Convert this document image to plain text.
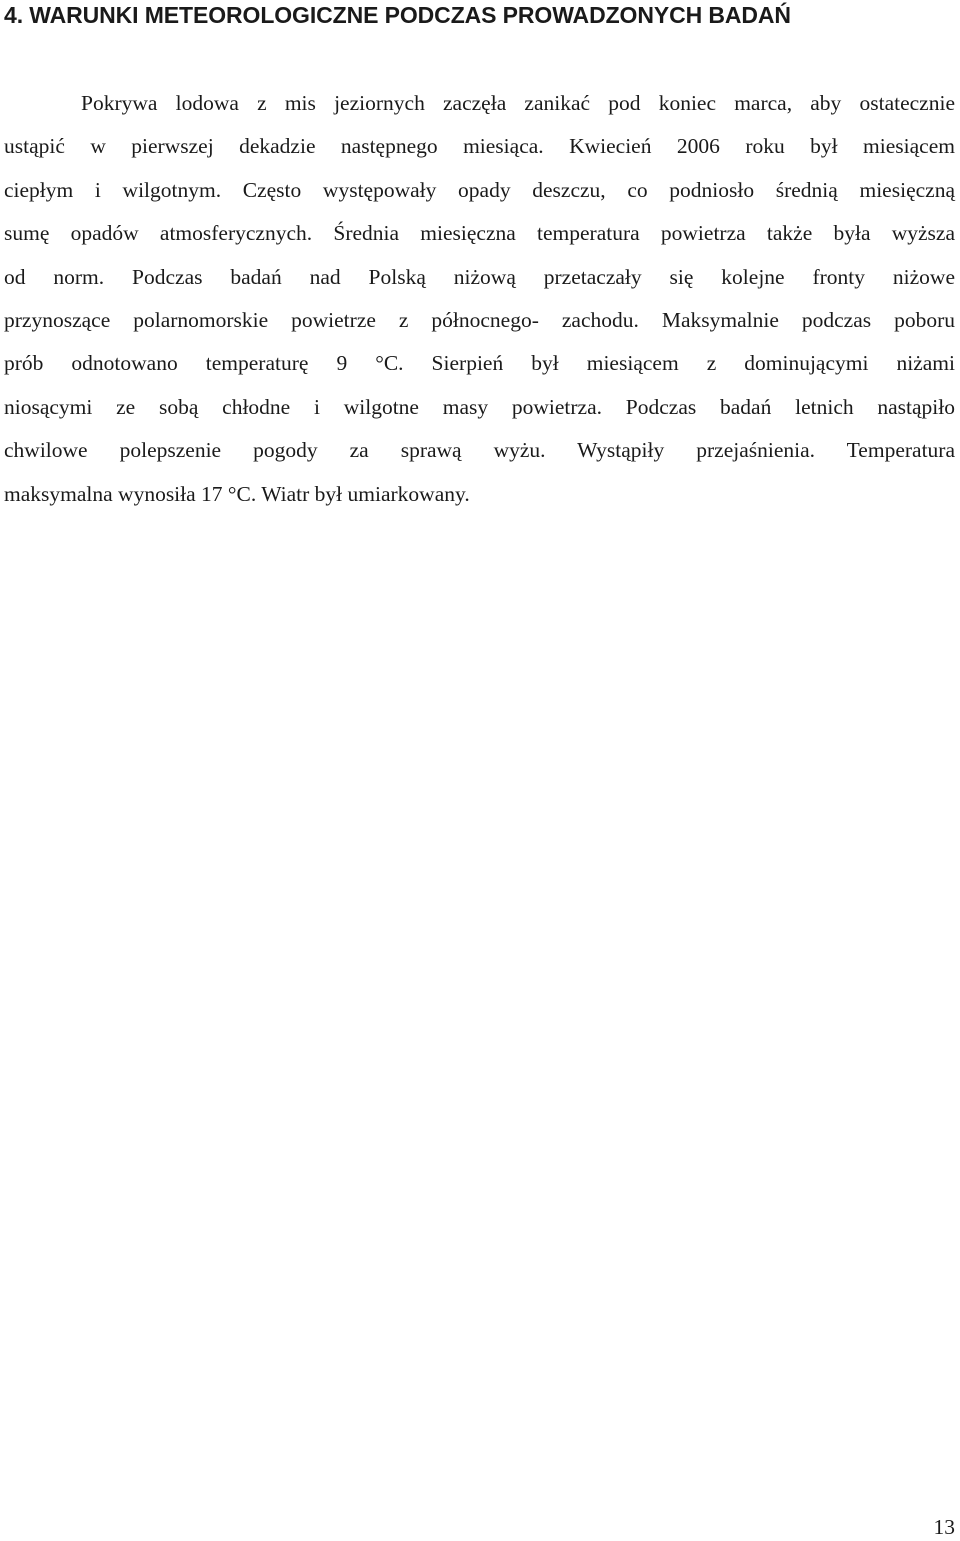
4. WARUNKI METEOROLOGICZNE PODCZAS PROWADZONYCH BADAŃ
Pokrywa lodowa z mis jeziornych zaczęła zanikać pod koniec marca, aby ostatecznie
ustąpić w pierwszej dekadzie następnego miesiąca. Kwiecień 2006 roku był miesiącem
ciepłym i wilgotnym. Często występowały opady deszczu, co podniosło średnią miesięczną
sumę opadów atmosferycznych. Średnia miesięczna temperatura powietrza także była wyższa
od norm. Podczas badań nad Polską niżową przetaczały się kolejne fronty niżowe
przynoszące polarnomorskie powietrze z północnego- zachodu. Maksymalnie podczas poboru
prób odnotowano temperaturę 9 °C. Sierpień był miesiącem z dominującymi niżami
niosącymi ze sobą chłodne i wilgotne masy powietrza. Podczas badań letnich nastąpiło
chwilowe polepszenie pogody za sprawą wyżu. Wystąpiły przejaśnienia. Temperatura
maksymalna wynosiła 17 °C. Wiatr był umiarkowany.
13
